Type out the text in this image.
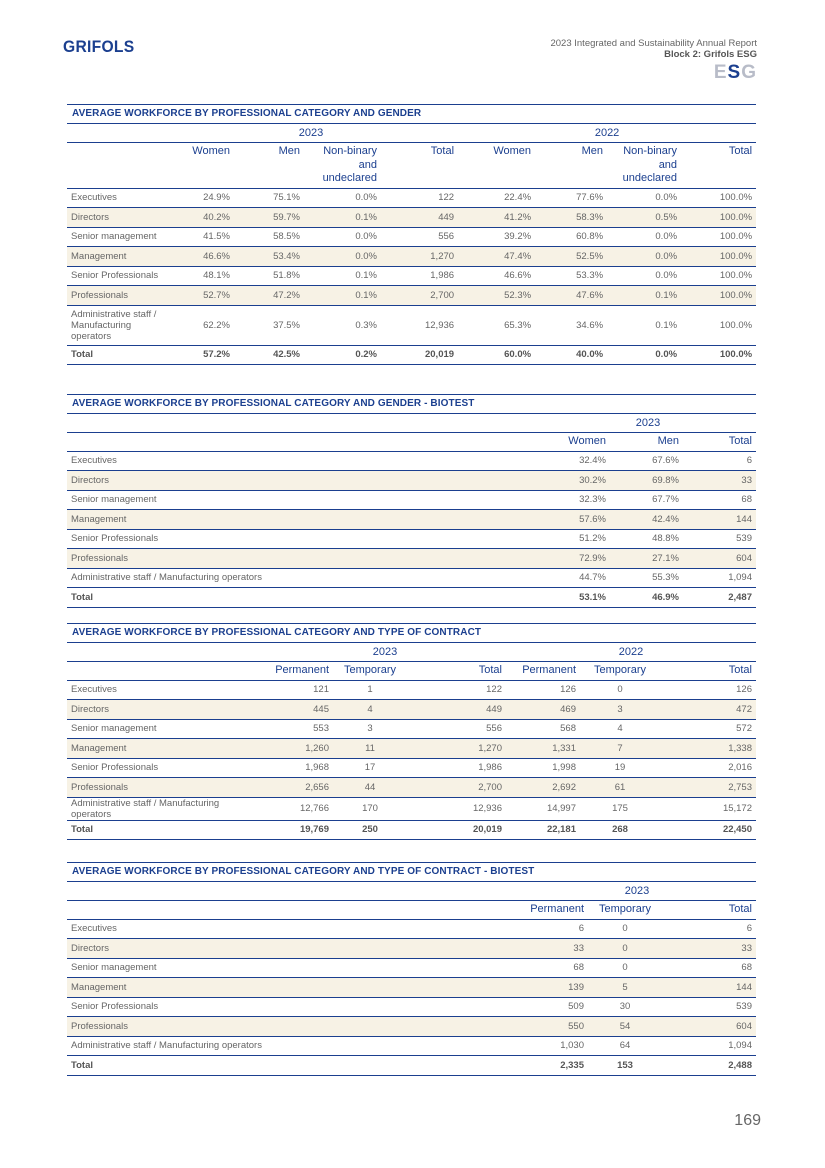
GRIFOLS	2023 Integrated and Sustainability Annual Report
Block 2: Grifols ESG
ESG
AVERAGE WORKFORCE BY PROFESSIONAL CATEGORY AND GENDER
	2023				2022			
	Women	Men	Non-binary and undeclared	Total	Women	Men	Non-binary and undeclared	Total
Executives	24.9%	75.1%	0.0%	122	22.4%	77.6%	0.0%	100.0%
Directors	40.2%	59.7%	0.1%	449	41.2%	58.3%	0.5%	100.0%
Senior management	41.5%	58.5%	0.0%	556	39.2%	60.8%	0.0%	100.0%
Management	46.6%	53.4%	0.0%	1,270	47.4%	52.5%	0.0%	100.0%
Senior Professionals	48.1%	51.8%	0.1%	1,986	46.6%	53.3%	0.0%	100.0%
Professionals	52.7%	47.2%	0.1%	2,700	52.3%	47.6%	0.1%	100.0%
Administrative staff / Manufacturing operators	62.2%	37.5%	0.3%	12,936	65.3%	34.6%	0.1%	100.0%
Total	57.2%	42.5%	0.2%	20,019	60.0%	40.0%	0.0%	100.0%
AVERAGE WORKFORCE BY PROFESSIONAL CATEGORY AND GENDER - BIOTEST
	2023		
	Women	Men	Total
Executives	32.4%	67.6%	6
Directors	30.2%	69.8%	33
Senior management	32.3%	67.7%	68
Management	57.6%	42.4%	144
Senior Professionals	51.2%	48.8%	539
Professionals	72.9%	27.1%	604
Administrative staff / Manufacturing operators	44.7%	55.3%	1,094
Total	53.1%	46.9%	2,487
AVERAGE WORKFORCE BY PROFESSIONAL CATEGORY AND TYPE OF CONTRACT
	2023			2022		
	Permanent	Temporary	Total	Permanent	Temporary	Total
Executives	121	1	122	126	0	126
Directors	445	4	449	469	3	472
Senior management	553	3	556	568	4	572
Management	1,260	11	1,270	1,331	7	1,338
Senior Professionals	1,968	17	1,986	1,998	19	2,016
Professionals	2,656	44	2,700	2,692	61	2,753
Administrative staff / Manufacturing operators	12,766	170	12,936	14,997	175	15,172
Total	19,769	250	20,019	22,181	268	22,450
AVERAGE WORKFORCE BY PROFESSIONAL CATEGORY AND TYPE OF CONTRACT - BIOTEST
	2023		
	Permanent	Temporary	Total
Executives	6	0	6
Directors	33	0	33
Senior management	68	0	68
Management	139	5	144
Senior Professionals	509	30	539
Professionals	550	54	604
Administrative staff / Manufacturing operators	1,030	64	1,094
Total	2,335	153	2,488
169
